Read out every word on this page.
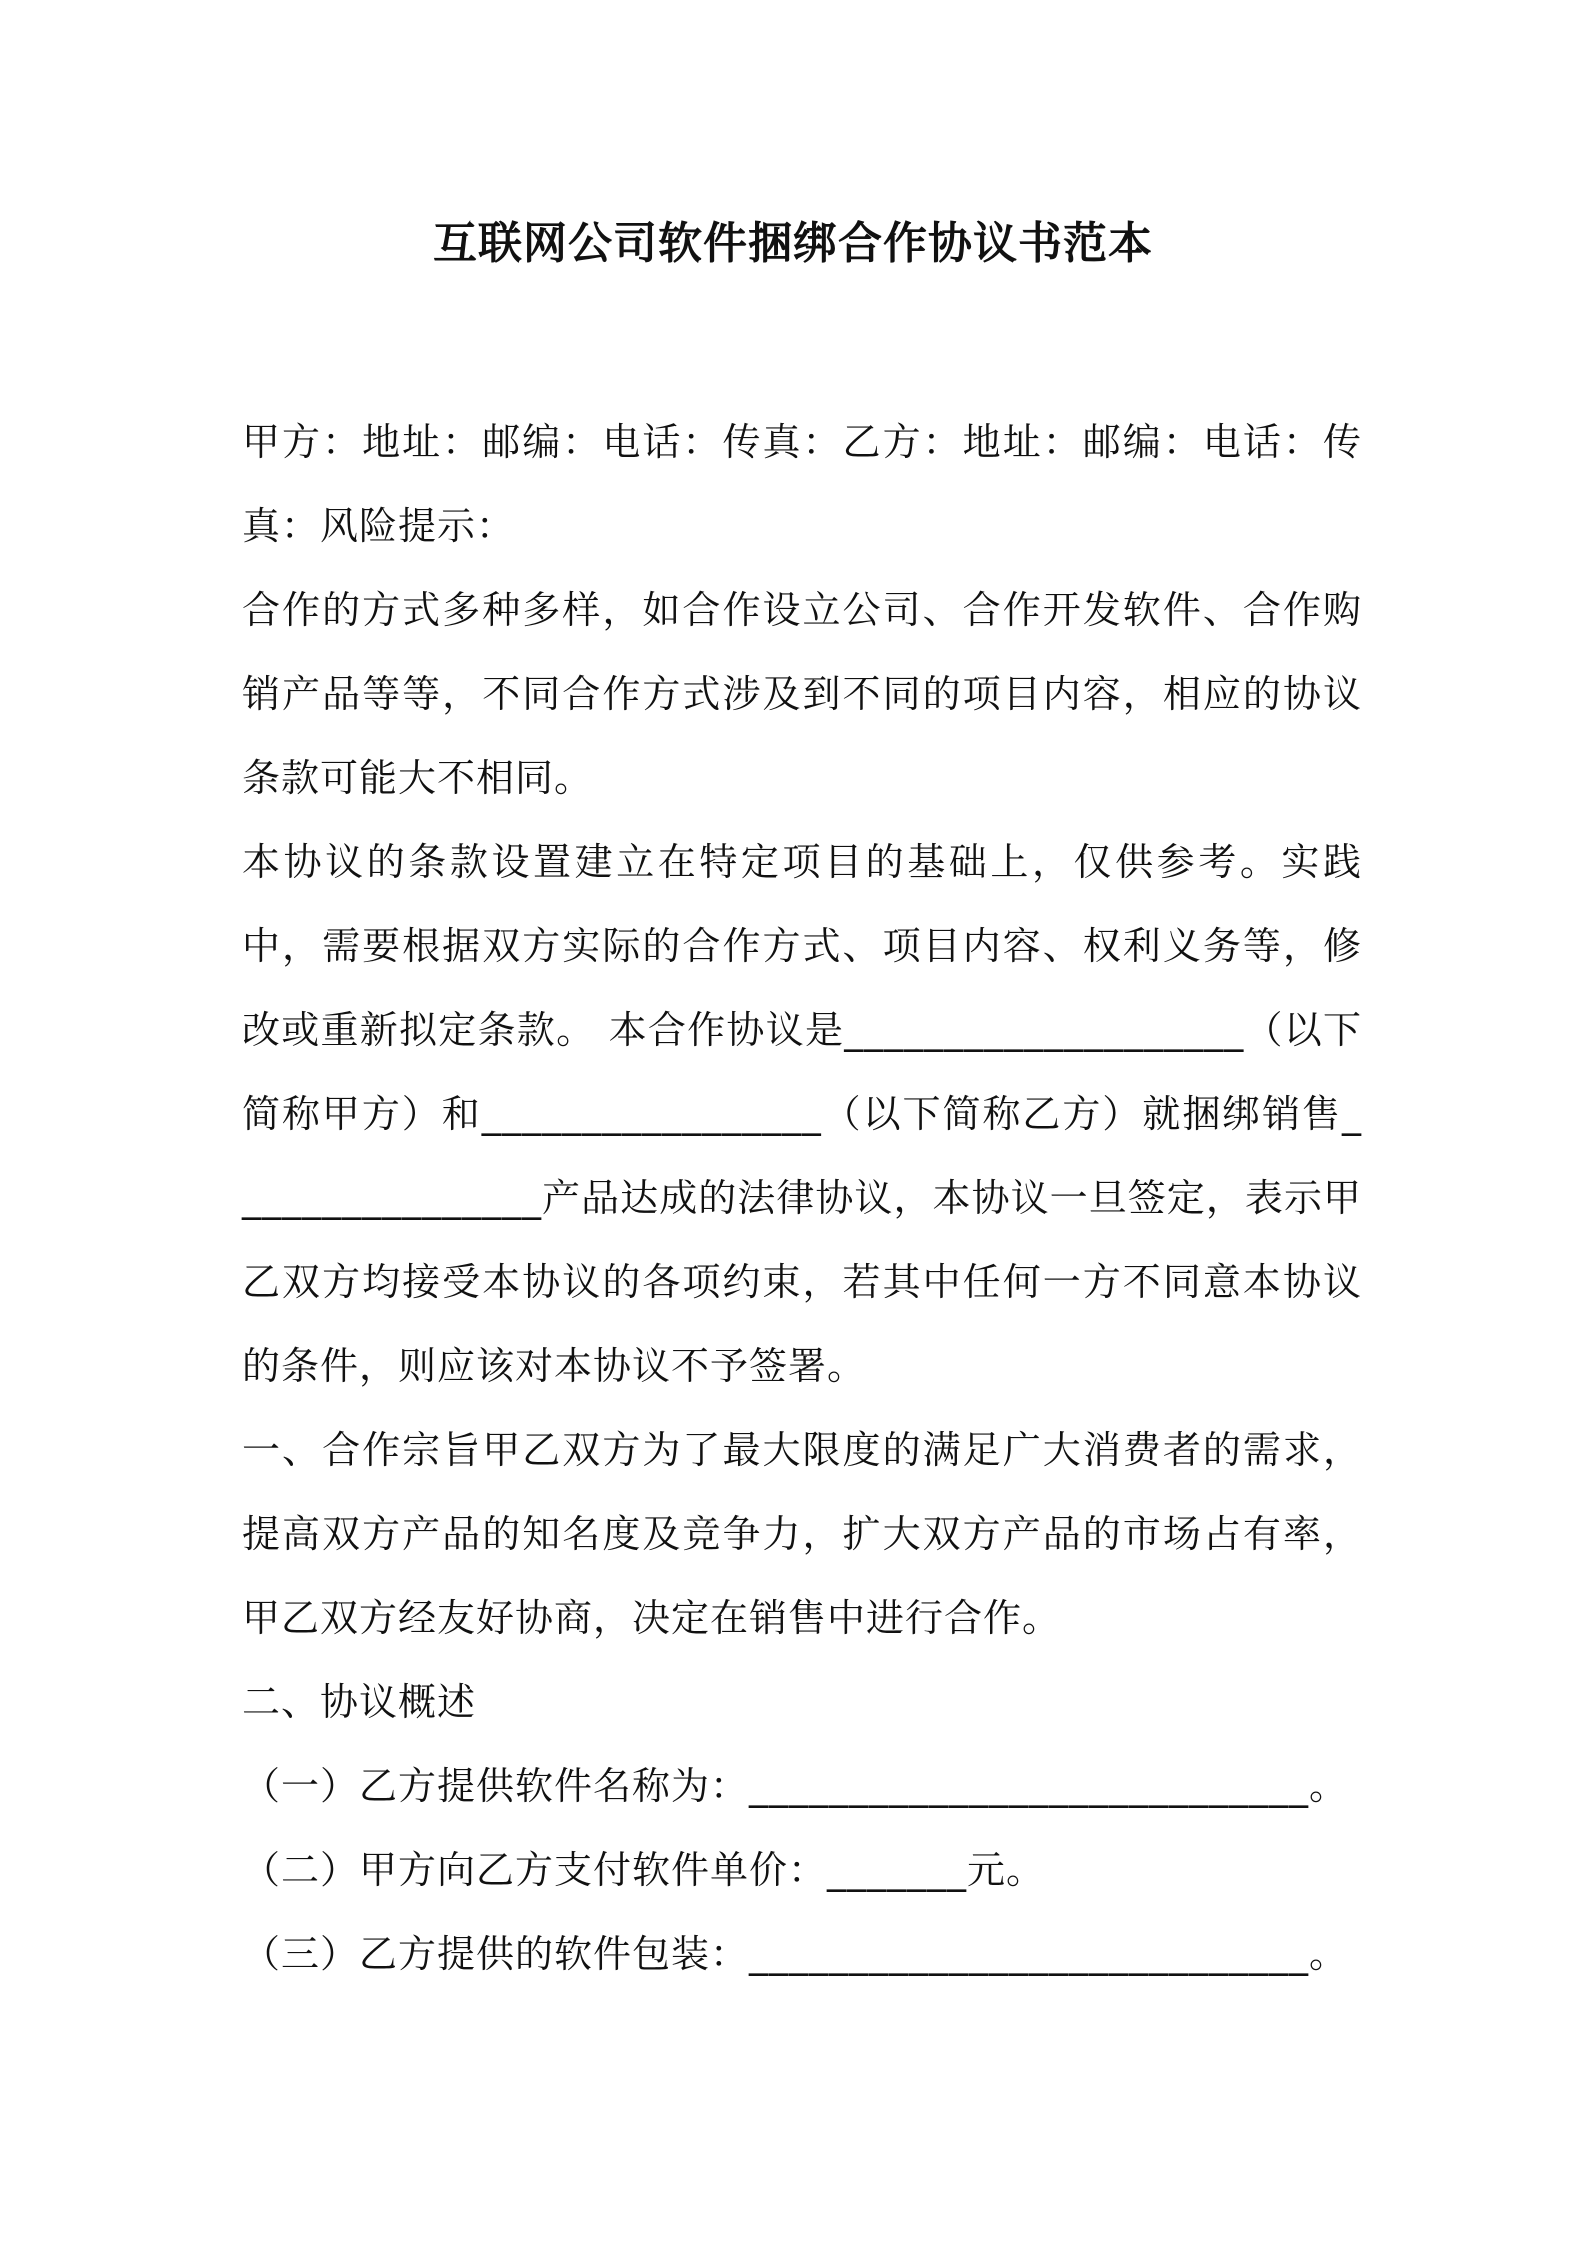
互联网公司软件捆绑合作协议书范本

甲方：地址：邮编：电话：传真：乙方：地址：邮编：电话：传真：风险提示：

合作的方式多种多样，如合作设立公司、合作开发软件、合作购销产品等等，不同合作方式涉及到不同的项目内容，相应的协议条款可能大不相同。

本协议的条款设置建立在特定项目的基础上，仅供参考。实践中，需要根据双方实际的合作方式、项目内容、权利义务等，修改或重新拟定条款。 本合作协议是____________________（以下简称甲方）和_________________（以下简称乙方）就捆绑销售________________产品达成的法律协议，本协议一旦签定，表示甲乙双方均接受本协议的各项约束，若其中任何一方不同意本协议的条件，则应该对本协议不予签署。

一、合作宗旨甲乙双方为了最大限度的满足广大消费者的需求，提高双方产品的知名度及竞争力，扩大双方产品的市场占有率，甲乙双方经友好协商，决定在销售中进行合作。

二、协议概述

（一）乙方提供软件名称为：____________________________。

（二）甲方向乙方支付软件单价：_______元。

（三）乙方提供的软件包装：____________________________。
